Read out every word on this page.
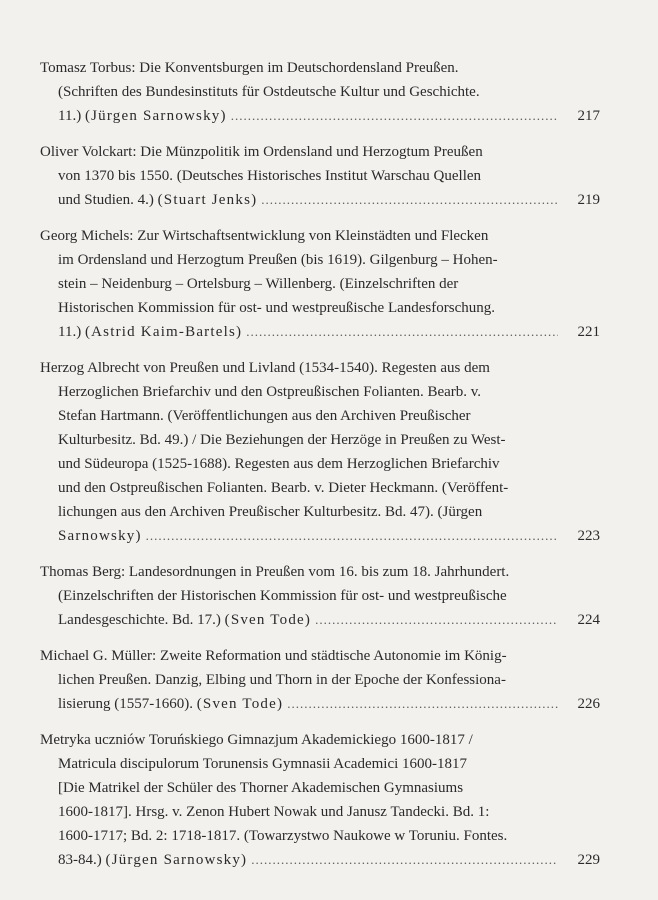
Tomasz Torbus: Die Konventsburgen im Deutschordensland Preußen.
(Schriften des Bundesinstituts für Ostdeutsche Kultur und Geschichte.
11.)
(Jürgen Sarnowsky) .....	217
Oliver Volckart: Die Münzpolitik im Ordensland und Herzogtum Preußen
von 1370 bis 1550. (Deutsches Historisches Institut Warschau Quellen
und Studien. 4.)
(Stuart Jenks) .....	219
Georg Michels: Zur Wirtschaftsentwicklung von Kleinstädten und Flecken
im Ordensland und Herzogtum Preußen (bis 1619). Gilgenburg – Hohen-
stein – Neidenburg – Ortelsburg – Willenberg. (Einzelschriften der
Historischen Kommission für ost- und westpreußische Landesforschung.
11.)
(Astrid Kaim-Bartels) .....	221
Herzog Albrecht von Preußen und Livland (1534-1540). Regesten aus dem
Herzoglichen Briefarchiv und den Ostpreußischen Folianten. Bearb. v.
Stefan Hartmann. (Veröffentlichungen aus den Archiven Preußischer
Kulturbesitz. Bd. 49.) / Die Beziehungen der Herzöge in Preußen zu West-
und Südeuropa (1525-1688). Regesten aus dem Herzoglichen Briefarchiv
und den Ostpreußischen Folianten. Bearb. v. Dieter Heckmann. (Veröffent-
lichungen aus den Archiven Preußischer Kulturbesitz. Bd. 47). (Jürgen
Sarnowsky) .....	223
Thomas Berg: Landesordnungen in Preußen vom 16. bis zum 18. Jahrhundert.
(Einzelschriften der Historischen Kommission für ost- und westpreußische
Landesgeschichte. Bd. 17.)
(Sven Tode) .....	224
Michael G. Müller: Zweite Reformation und städtische Autonomie im König-
lichen Preußen. Danzig, Elbing und Thorn in der Epoche der Konfessiona-
lisierung (1557-1660).
(Sven Tode) .....	226
Metryka uczniów Toruńskiego Gimnazjum Akademickiego 1600-1817 /
Matricula discipulorum Torunensis Gymnasii Academici 1600-1817
[Die Matrikel der Schüler des Thorner Akademischen Gymnasiums
1600-1817]. Hrsg. v. Zenon Hubert Nowak und Janusz Tandecki. Bd. 1:
1600-1717; Bd. 2: 1718-1817. (Towarzystwo Naukowe w Toruniu. Fontes.
83-84.)
(Jürgen Sarnowsky) .....	229
